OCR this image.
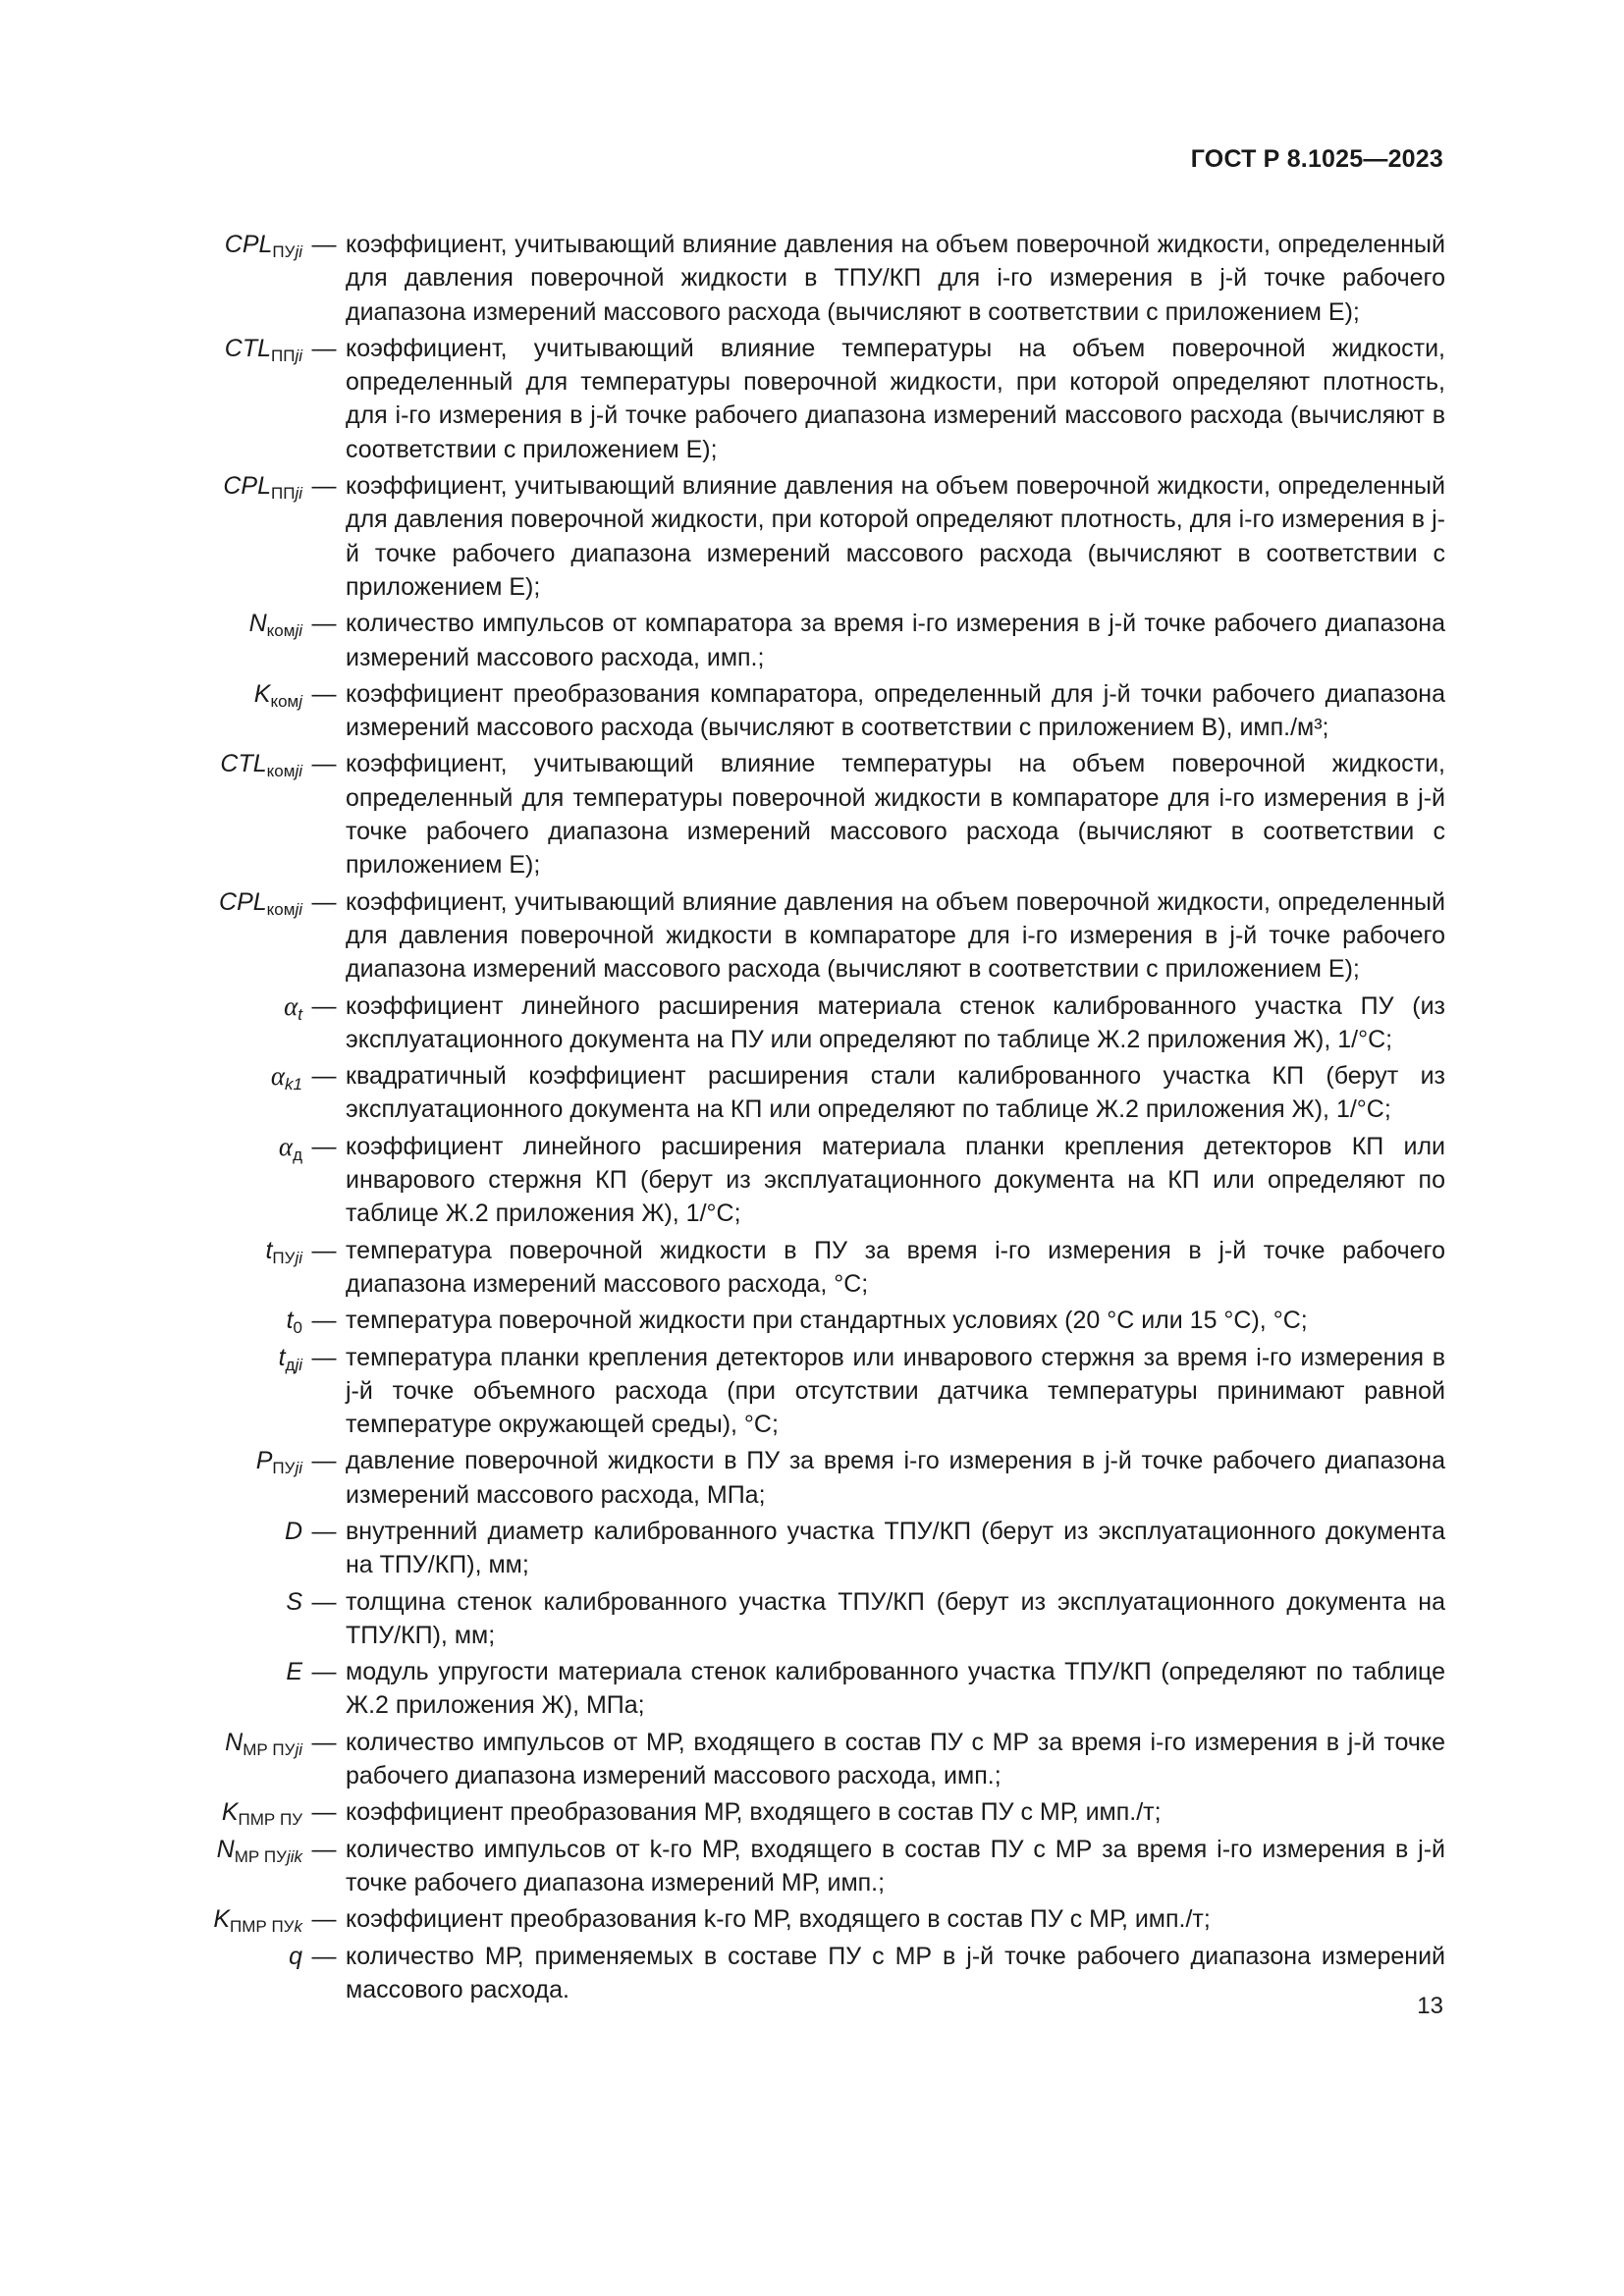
ГОСТ Р 8.1025—2023
$CPL_{ПУji}$ — коэффициент, учитывающий влияние давления на объем поверочной жидкости, определенный для давления поверочной жидкости в ТПУ/КП для i-го измерения в j-й точке рабочего диапазона измерений массового расхода (вычисляют в соответствии с приложением Е);
$CTL_{ППji}$ — коэффициент, учитывающий влияние температуры на объем поверочной жидкости, определенный для температуры поверочной жидкости, при которой определяют плотность, для i-го измерения в j-й точке рабочего диапазона измерений массового расхода (вычисляют в соответствии с приложением Е);
$CPL_{ППji}$ — коэффициент, учитывающий влияние давления на объем поверочной жидкости, определенный для давления поверочной жидкости, при которой определяют плотность, для i-го измерения в j-й точке рабочего диапазона измерений массового расхода (вычисляют в соответствии с приложением Е);
$N_{комji}$ — количество импульсов от компаратора за время i-го измерения в j-й точке рабочего диапазона измерений массового расхода, имп.;
$K_{комj}$ — коэффициент преобразования компаратора, определенный для j-й точки рабочего диапазона измерений массового расхода (вычисляют в соответствии с приложением В), имп./м³;
$CTL_{комji}$ — коэффициент, учитывающий влияние температуры на объем поверочной жидкости, определенный для температуры поверочной жидкости в компараторе для i-го измерения в j-й точке рабочего диапазона измерений массового расхода (вычисляют в соответствии с приложением Е);
$CPL_{комji}$ — коэффициент, учитывающий влияние давления на объем поверочной жидкости, определенный для давления поверочной жидкости в компараторе для i-го измерения в j-й точке рабочего диапазона измерений массового расхода (вычисляют в соответствии с приложением Е);
$\alpha_t$ — коэффициент линейного расширения материала стенок калиброванного участка ПУ (из эксплуатационного документа на ПУ или определяют по таблице Ж.2 приложения Ж), 1/°С;
$\alpha_{k1}$ — квадратичный коэффициент расширения стали калиброванного участка КП (берут из эксплуатационного документа на КП или определяют по таблице Ж.2 приложения Ж), 1/°С;
$\alpha_д$ — коэффициент линейного расширения материала планки крепления детекторов КП или инварового стержня КП (берут из эксплуатационного документа на КП или определяют по таблице Ж.2 приложения Ж), 1/°С;
$t_{ПУji}$ — температура поверочной жидкости в ПУ за время i-го измерения в j-й точке рабочего диапазона измерений массового расхода, °С;
$t_0$ — температура поверочной жидкости при стандартных условиях (20 °С или 15 °С), °С;
$t_{дji}$ — температура планки крепления детекторов или инварового стержня за время i-го измерения в j-й точке объемного расхода (при отсутствии датчика температуры принимают равной температуре окружающей среды), °С;
$P_{ПУji}$ — давление поверочной жидкости в ПУ за время i-го измерения в j-й точке рабочего диапазона измерений массового расхода, МПа;
D — внутренний диаметр калиброванного участка ТПУ/КП (берут из эксплуатационного документа на ТПУ/КП), мм;
S — толщина стенок калиброванного участка ТПУ/КП (берут из эксплуатационного документа на ТПУ/КП), мм;
E — модуль упругости материала стенок калиброванного участка ТПУ/КП (определяют по таблице Ж.2 приложения Ж), МПа;
$N_{МР ПУji}$ — количество импульсов от МР, входящего в состав ПУ с МР за время i-го измерения в j-й точке рабочего диапазона измерений массового расхода, имп.;
$K_{ПМР ПУ}$ — коэффициент преобразования МР, входящего в состав ПУ с МР, имп./т;
$N_{МР ПУjik}$ — количество импульсов от k-го МР, входящего в состав ПУ с МР за время i-го измерения в j-й точке рабочего диапазона измерений МР, имп.;
$K_{ПМР ПУk}$ — коэффициент преобразования k-го МР, входящего в состав ПУ с МР, имп./т;
q — количество МР, применяемых в составе ПУ с МР в j-й точке рабочего диапазона измерений массового расхода.
13
